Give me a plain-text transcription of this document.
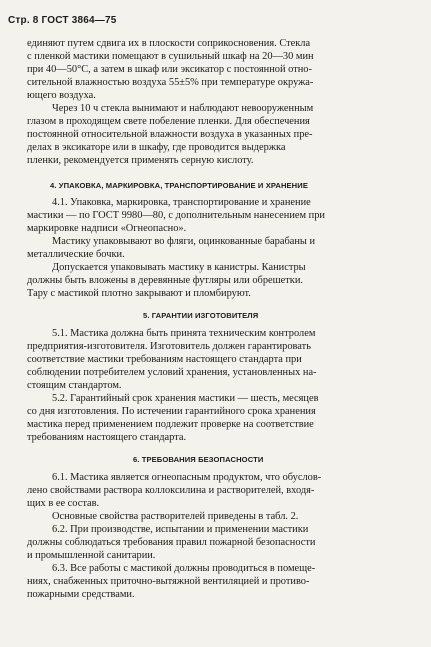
Стр. 8 ГОСТ 3864—75
единяют путем сдвига их в плоскости соприкосновения. Стекла
с пленкой мастики помещают в сушильный шкаф на 20—30 мин
при 40—50°С, а затем в шкаф или эксикатор с постоянной отно-
сительной влажностью воздуха 55±5% при температуре окружа-
ющего воздуха.
Через 10 ч стекла вынимают и наблюдают невооруженным
глазом в проходящем свете побеление пленки. Для обеспечения
постоянной относительной влажности воздуха в указанных пре-
делах в эксикаторе или в шкафу, где проводится выдержка
пленки, рекомендуется применять серную кислоту.
4. УПАКОВКА, МАРКИРОВКА, ТРАНСПОРТИРОВАНИЕ И ХРАНЕНИЕ
4.1. Упаковка, маркировка, транспортирование и хранение
мастики — по ГОСТ 9980—80, с дополнительным нанесением при
маркировке надписи «Огнеопасно».
Мастику упаковывают во фляги, оцинкованные барабаны и
металлические бочки.
Допускается упаковывать мастику в канистры. Канистры
должны быть вложены в деревянные футляры или обрешетки.
Тару с мастикой плотно закрывают и пломбируют.
5. ГАРАНТИИ ИЗГОТОВИТЕЛЯ
5.1. Мастика должна быть принята техническим контролем
предприятия-изготовителя. Изготовитель должен гарантировать
соответствие мастики требованиям настоящего стандарта при
соблюдении потребителем условий хранения, установленных на-
стоящим стандартом.
5.2. Гарантийный срок хранения мастики — шесть, месяцев
со дня изготовления. По истечении гарантийного срока хранения
мастика перед применением подлежит проверке на соответствие
требованиям настоящего стандарта.
6. ТРЕБОВАНИЯ БЕЗОПАСНОСТИ
6.1. Мастика является огнеопасным продуктом, что обуслов-
лено свойствами раствора коллоксилина и растворителей, входя-
щих в ее состав.
Основные свойства растворителей приведены в табл. 2.
6.2. При производстве, испытании и применении мастики
должны соблюдаться требования правил пожарной безопасности
и промышленной санитарии.
6.3. Все работы с мастикой должны проводиться в помеще-
ниях, снабженных приточно-вытяжной вентиляцией и противо-
пожарными средствами.
